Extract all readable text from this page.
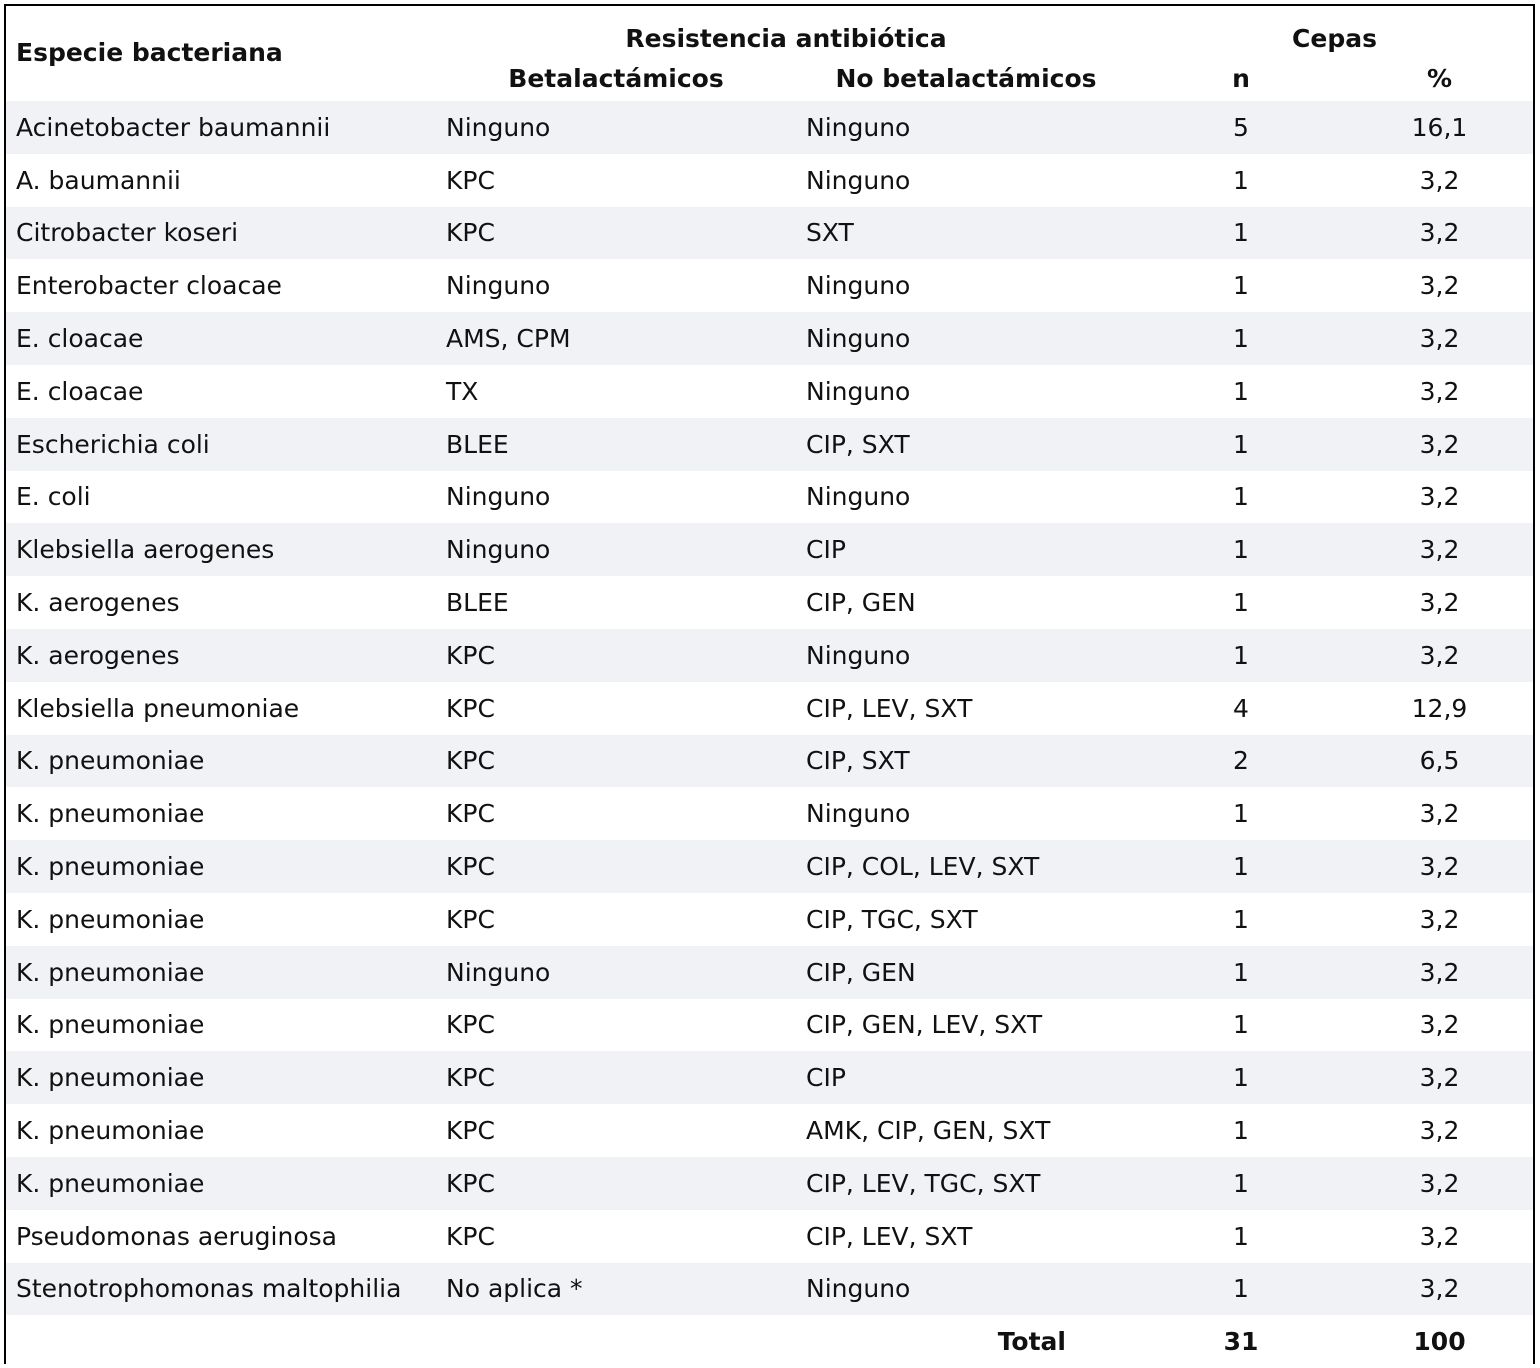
Especie bacteriana	Resistencia antibiótica		Cepas	
	Betalactámicos	No betalactámicos	n	%
Acinetobacter baumannii	Ninguno	Ninguno	5	16,1
A. baumannii	KPC	Ninguno	1	3,2
Citrobacter koseri	KPC	SXT	1	3,2
Enterobacter cloacae	Ninguno	Ninguno	1	3,2
E. cloacae	AMS, CPM	Ninguno	1	3,2
E. cloacae	TX	Ninguno	1	3,2
Escherichia coli	BLEE	CIP, SXT	1	3,2
E. coli	Ninguno	Ninguno	1	3,2
Klebsiella aerogenes	Ninguno	CIP	1	3,2
K. aerogenes	BLEE	CIP, GEN	1	3,2
K. aerogenes	KPC	Ninguno	1	3,2
Klebsiella pneumoniae	KPC	CIP, LEV, SXT	4	12,9
K. pneumoniae	KPC	CIP, SXT	2	6,5
K. pneumoniae	KPC	Ninguno	1	3,2
K. pneumoniae	KPC	CIP, COL, LEV, SXT	1	3,2
K. pneumoniae	KPC	CIP, TGC, SXT	1	3,2
K. pneumoniae	Ninguno	CIP, GEN	1	3,2
K. pneumoniae	KPC	CIP, GEN, LEV, SXT	1	3,2
K. pneumoniae	KPC	CIP	1	3,2
K. pneumoniae	KPC	AMK, CIP, GEN, SXT	1	3,2
K. pneumoniae	KPC	CIP, LEV, TGC, SXT	1	3,2
Pseudomonas aeruginosa	KPC	CIP, LEV, SXT	1	3,2
Stenotrophomonas maltophilia	No aplica *	Ninguno	1	3,2
Total			31	100
